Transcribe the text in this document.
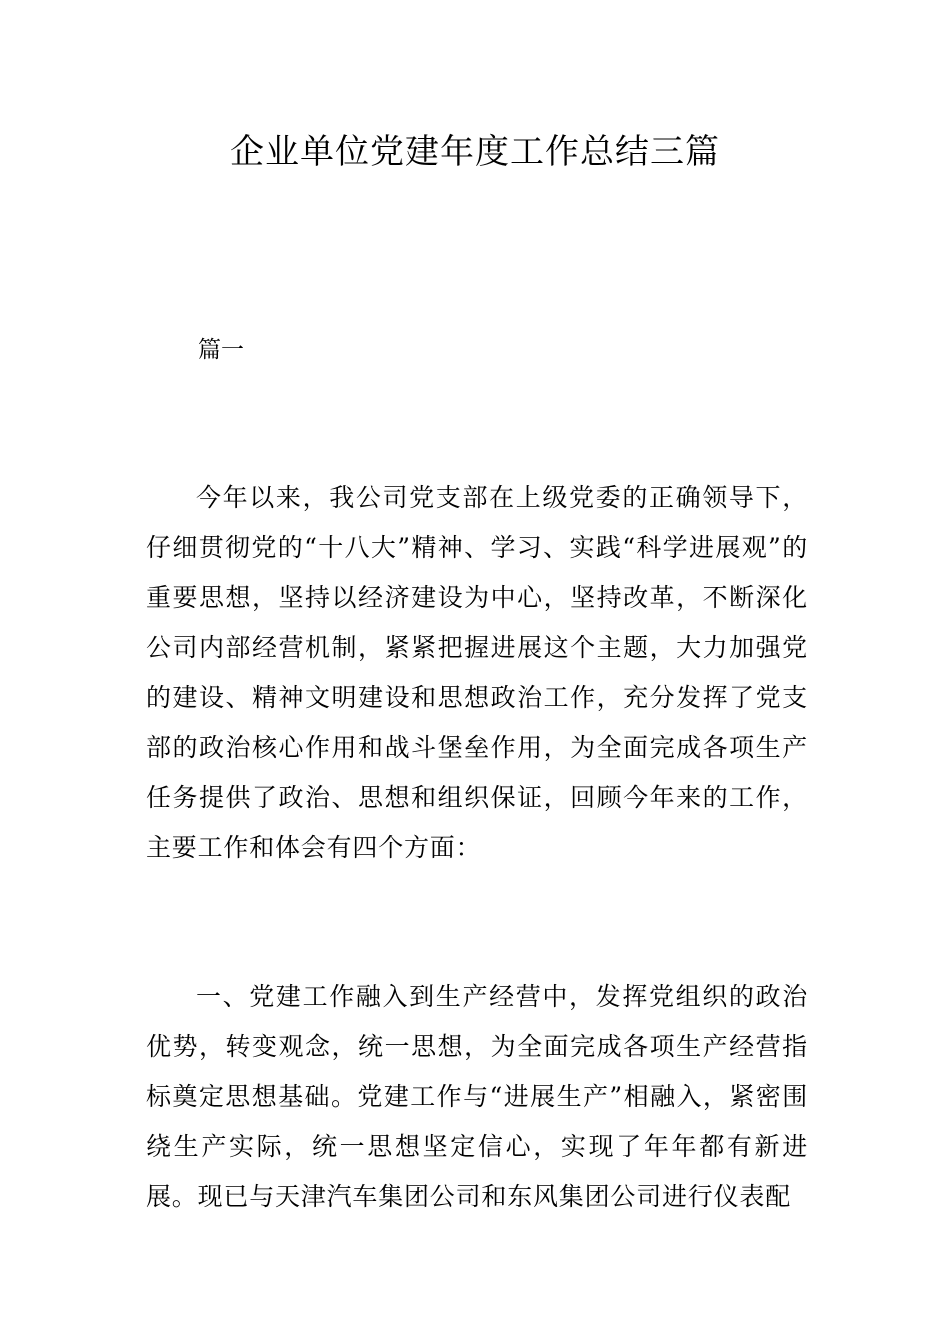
企业单位党建年度工作总结三篇

篇一

今年以来，我公司党支部在上级党委的正确领导下，仔细贯彻党的“十八大”精神、学习、实践“科学进展观”的重要思想，坚持以经济建设为中心，坚持改革，不断深化公司内部经营机制，紧紧把握进展这个主题，大力加强党的建设、精神文明建设和思想政治工作，充分发挥了党支部的政治核心作用和战斗堡垒作用，为全面完成各项生产任务提供了政治、思想和组织保证，回顾今年来的工作，主要工作和体会有四个方面：

一、党建工作融入到生产经营中，发挥党组织的政治优势，转变观念，统一思想，为全面完成各项生产经营指标奠定思想基础。党建工作与“进展生产”相融入，紧密围绕生产实际，统一思想坚定信心，实现了年年都有新进展。现已与天津汽车集团公司和东风集团公司进行仪表配
